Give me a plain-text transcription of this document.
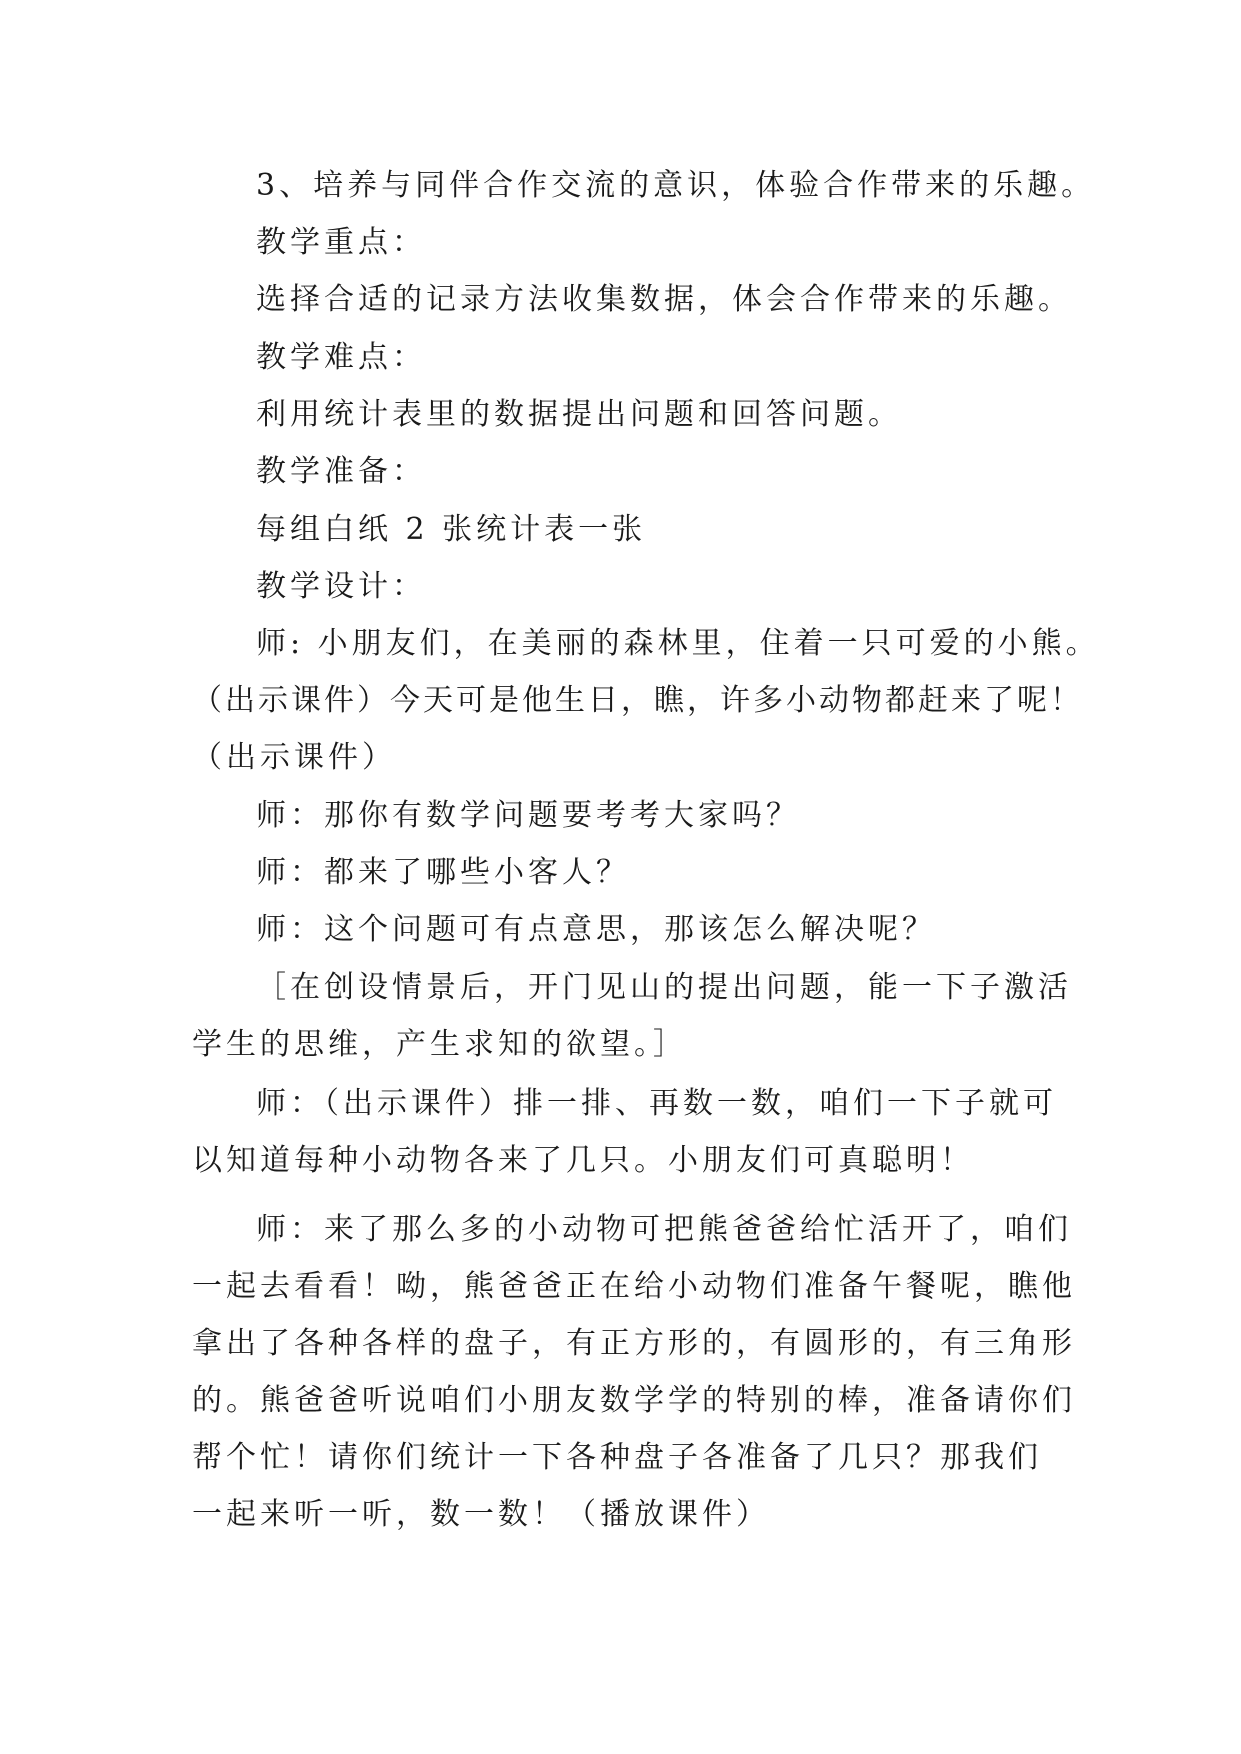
3、培养与同伴合作交流的意识，体验合作带来的乐趣。
教学重点：
选择合适的记录方法收集数据，体会合作带来的乐趣。
教学难点：
利用统计表里的数据提出问题和回答问题。
教学准备：
每组白纸 2 张统计表一张
教学设计：
师: 小朋友们，在美丽的森林里，住着一只可爱的小熊。
（出示课件）今天可是他生日，瞧，许多小动物都赶来了呢！
（出示课件）
师：那你有数学问题要考考大家吗？
师：都来了哪些小客人？
师：这个问题可有点意思，那该怎么解决呢？
［在创设情景后，开门见山的提出问题，能一下子激活
学生的思维，产生求知的欲望。］
师：（出示课件）排一排、再数一数，咱们一下子就可
以知道每种小动物各来了几只。小朋友们可真聪明！
师：来了那么多的小动物可把熊爸爸给忙活开了，咱们
一起去看看！呦，熊爸爸正在给小动物们准备午餐呢，瞧他
拿出了各种各样的盘子，有正方形的，有圆形的，有三角形
的。熊爸爸听说咱们小朋友数学学的特别的棒，准备请你们
帮个忙！请你们统计一下各种盘子各准备了几只？那我们
一起来听一听，数一数！（播放课件）
